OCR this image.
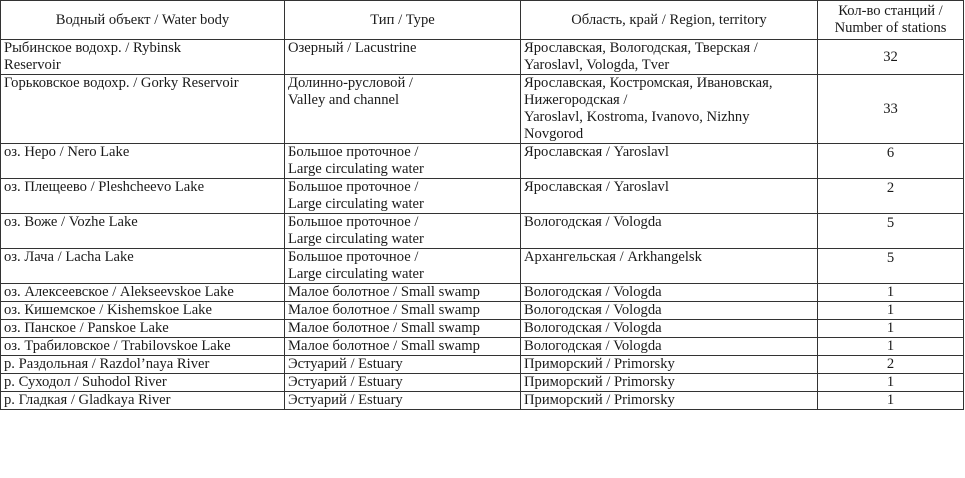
Водный объект / Water body	Тип / Type	Область, край / Region, territory	Кол-во станций / Number of stations

Рыбинское водохр. / Rybinsk
Reservoir	Озерный / Lacustrine	Ярославская, Вологодская, Тверская /
Yaroslavl, Vologda, Tver	32

Горьковское водохр. / Gorky Reservoir	Долинно-русловой /
Valley and channel	Ярославская, Костромская, Ивановская,
Нижегородская /
Yaroslavl, Kostroma, Ivanovo, Nizhny
Novgorod	33

оз. Неро / Nero Lake	Большое проточное /
Large circulating water	Ярославская / Yaroslavl	6

оз. Плещеево / Pleshcheevo Lake	Большое проточное /
Large circulating water	Ярославская / Yaroslavl	2

оз. Воже / Vozhe Lake	Большое проточное /
Large circulating water	Вологодская / Vologda	5

оз. Лача / Lacha Lake	Большое проточное /
Large circulating water	Архангельская / Arkhangelsk	5

оз. Алексеевское / Alekseevskoe Lake	Малое болотное / Small swamp	Вологодская / Vologda	1

оз. Кишемское / Kishemskoe Lake	Малое болотное / Small swamp	Вологодская / Vologda	1

оз. Панское / Panskoe Lake	Малое болотное / Small swamp	Вологодская / Vologda	1

оз. Трабиловское / Trabilovskoe Lake	Малое болотное / Small swamp	Вологодская / Vologda	1

р. Раздольная / Razdol’naya River	Эстуарий / Estuary	Приморский / Primorsky	2

р. Суходол / Suhodol River	Эстуарий / Estuary	Приморский / Primorsky	1

р. Гладкая / Gladkaya River	Эстуарий / Estuary	Приморский / Primorsky	1
